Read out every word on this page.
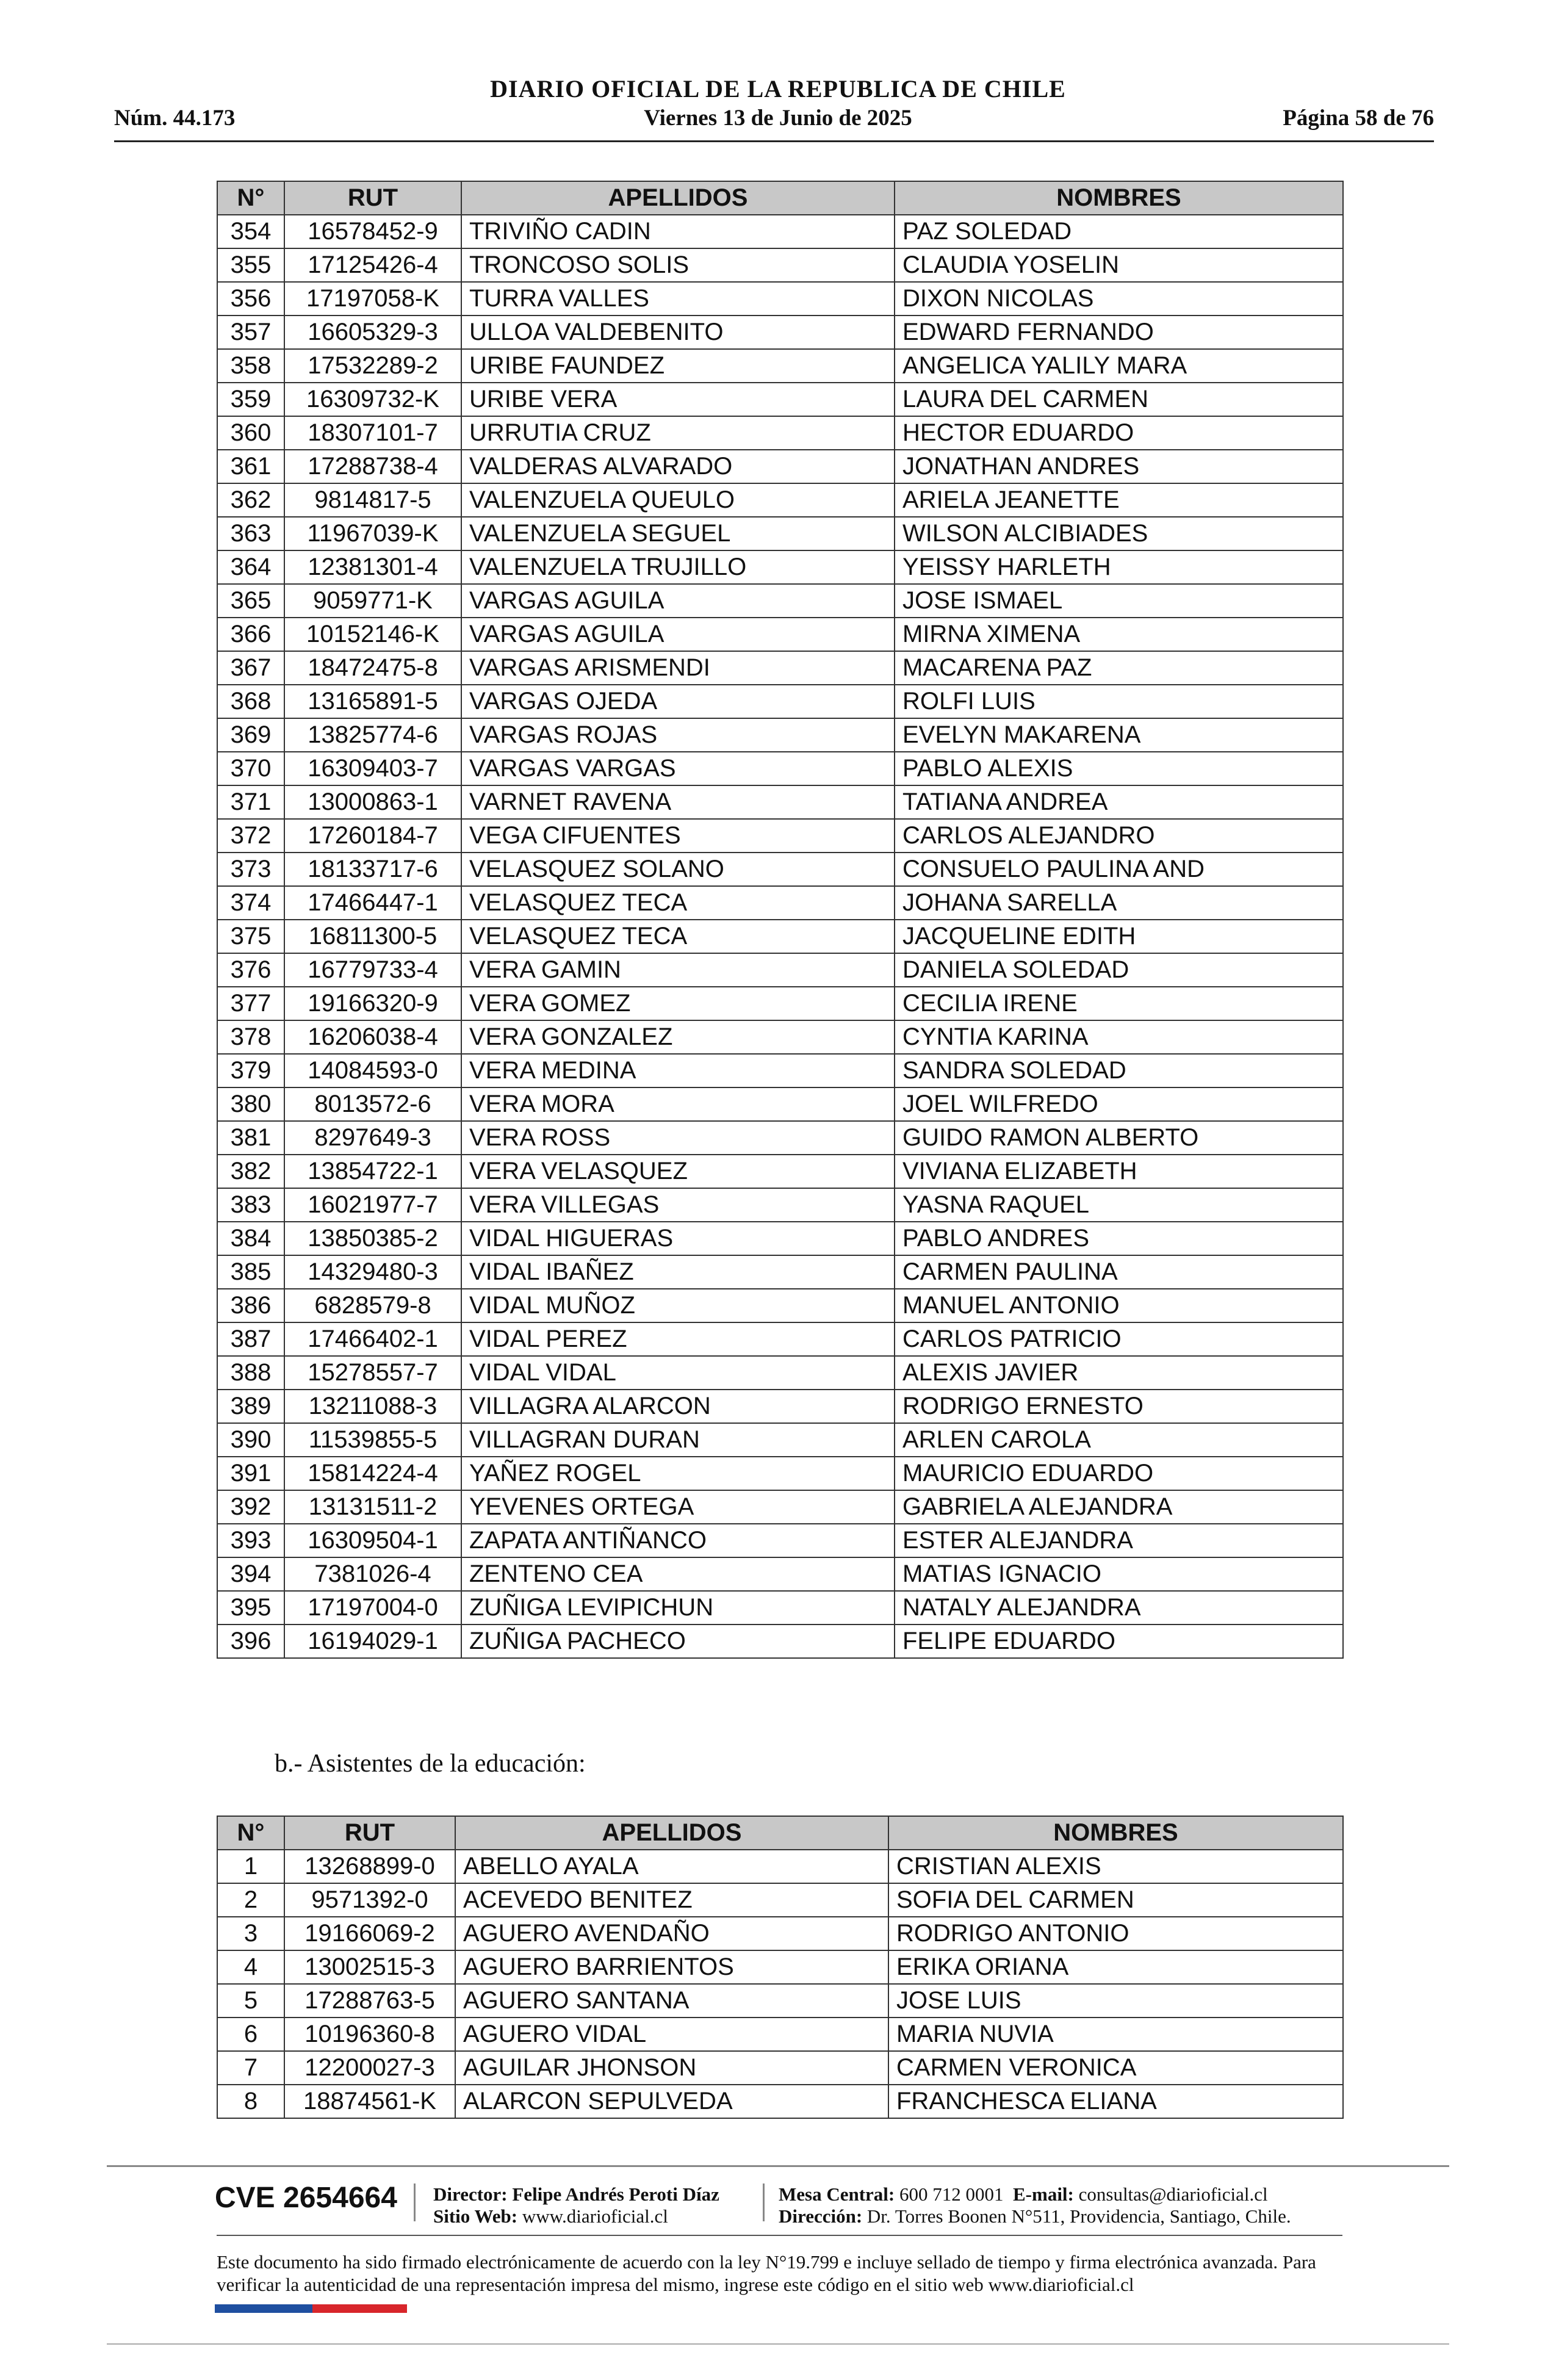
DIARIO OFICIAL DE LA REPUBLICA DE CHILE
Núm. 44.173	Viernes 13 de Junio de 2025	Página 58 de 76
N°	RUT	APELLIDOS	NOMBRES
354	16578452-9	TRIVIÑO CADIN	PAZ SOLEDAD
355	17125426-4	TRONCOSO SOLIS	CLAUDIA YOSELIN
356	17197058-K	TURRA VALLES	DIXON NICOLAS
357	16605329-3	ULLOA VALDEBENITO	EDWARD FERNANDO
358	17532289-2	URIBE FAUNDEZ	ANGELICA YALILY MARA
359	16309732-K	URIBE VERA	LAURA DEL CARMEN
360	18307101-7	URRUTIA CRUZ	HECTOR EDUARDO
361	17288738-4	VALDERAS ALVARADO	JONATHAN ANDRES
362	9814817-5	VALENZUELA QUEULO	ARIELA JEANETTE
363	11967039-K	VALENZUELA SEGUEL	WILSON ALCIBIADES
364	12381301-4	VALENZUELA TRUJILLO	YEISSY HARLETH
365	9059771-K	VARGAS AGUILA	JOSE ISMAEL
366	10152146-K	VARGAS AGUILA	MIRNA XIMENA
367	18472475-8	VARGAS ARISMENDI	MACARENA PAZ
368	13165891-5	VARGAS OJEDA	ROLFI LUIS
369	13825774-6	VARGAS ROJAS	EVELYN MAKARENA
370	16309403-7	VARGAS VARGAS	PABLO ALEXIS
371	13000863-1	VARNET RAVENA	TATIANA ANDREA
372	17260184-7	VEGA CIFUENTES	CARLOS ALEJANDRO
373	18133717-6	VELASQUEZ SOLANO	CONSUELO PAULINA AND
374	17466447-1	VELASQUEZ TECA	JOHANA SARELLA
375	16811300-5	VELASQUEZ TECA	JACQUELINE EDITH
376	16779733-4	VERA GAMIN	DANIELA SOLEDAD
377	19166320-9	VERA GOMEZ	CECILIA IRENE
378	16206038-4	VERA GONZALEZ	CYNTIA KARINA
379	14084593-0	VERA MEDINA	SANDRA SOLEDAD
380	8013572-6	VERA MORA	JOEL WILFREDO
381	8297649-3	VERA ROSS	GUIDO RAMON ALBERTO
382	13854722-1	VERA VELASQUEZ	VIVIANA ELIZABETH
383	16021977-7	VERA VILLEGAS	YASNA RAQUEL
384	13850385-2	VIDAL HIGUERAS	PABLO ANDRES
385	14329480-3	VIDAL IBAÑEZ	CARMEN PAULINA
386	6828579-8	VIDAL MUÑOZ	MANUEL ANTONIO
387	17466402-1	VIDAL PEREZ	CARLOS PATRICIO
388	15278557-7	VIDAL VIDAL	ALEXIS JAVIER
389	13211088-3	VILLAGRA ALARCON	RODRIGO ERNESTO
390	11539855-5	VILLAGRAN DURAN	ARLEN CAROLA
391	15814224-4	YAÑEZ ROGEL	MAURICIO EDUARDO
392	13131511-2	YEVENES ORTEGA	GABRIELA ALEJANDRA
393	16309504-1	ZAPATA ANTIÑANCO	ESTER ALEJANDRA
394	7381026-4	ZENTENO CEA	MATIAS IGNACIO
395	17197004-0	ZUÑIGA LEVIPICHUN	NATALY ALEJANDRA
396	16194029-1	ZUÑIGA PACHECO	FELIPE EDUARDO
b.- Asistentes de la educación:
N°	RUT	APELLIDOS	NOMBRES
1	13268899-0	ABELLO AYALA	CRISTIAN ALEXIS
2	9571392-0	ACEVEDO BENITEZ	SOFIA DEL CARMEN
3	19166069-2	AGUERO AVENDAÑO	RODRIGO ANTONIO
4	13002515-3	AGUERO BARRIENTOS	ERIKA ORIANA
5	17288763-5	AGUERO SANTANA	JOSE LUIS
6	10196360-8	AGUERO VIDAL	MARIA NUVIA
7	12200027-3	AGUILAR JHONSON	CARMEN VERONICA
8	18874561-K	ALARCON SEPULVEDA	FRANCHESCA ELIANA
CVE 2654664 Director: Felipe Andrés Peroti Díaz
Sitio Web: www.diarioficial.cl
Mesa Central: 600 712 0001 E-mail: consultas@diarioficial.cl
Dirección: Dr. Torres Boonen N°511, Providencia, Santiago, Chile.
Este documento ha sido firmado electrónicamente de acuerdo con la ley N°19.799 e incluye sellado de tiempo y firma electrónica avanzada. Para verificar la autenticidad de una representación impresa del mismo, ingrese este código en el sitio web www.diarioficial.cl
